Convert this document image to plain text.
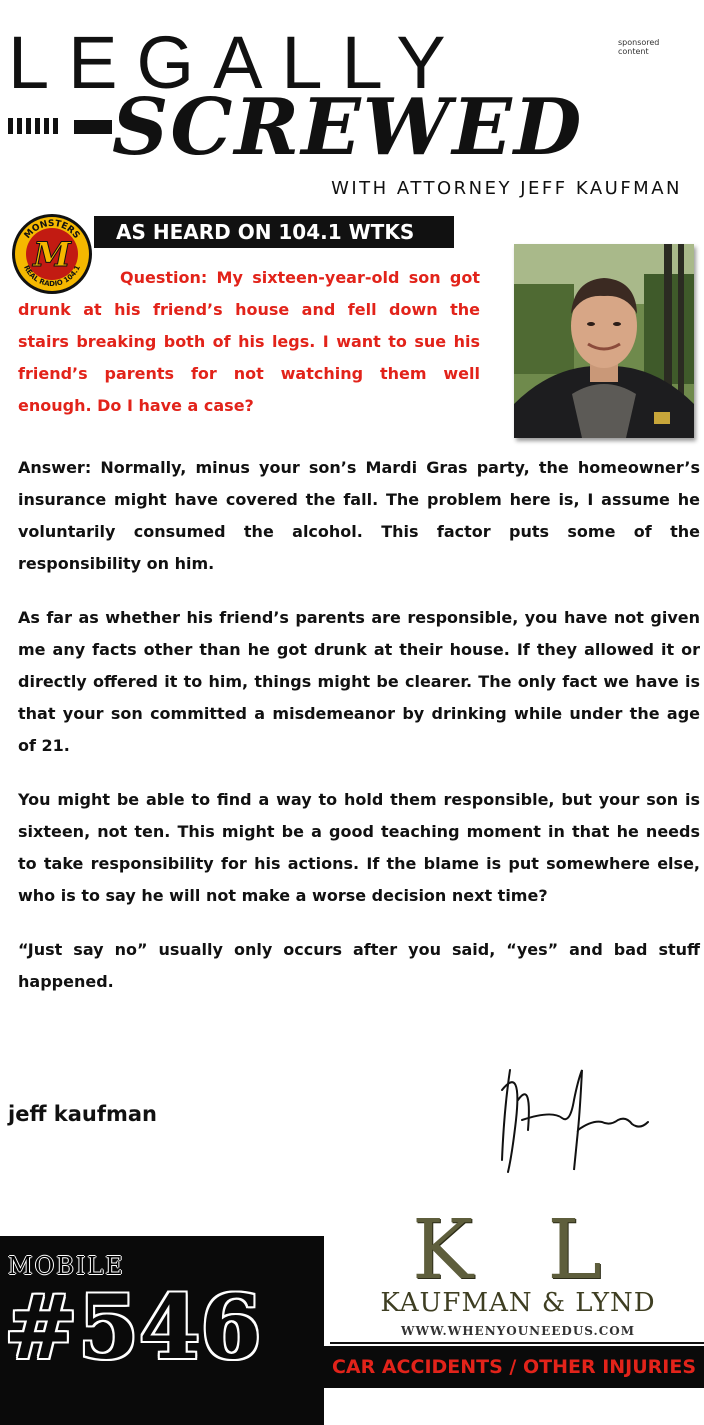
sponsored
content
LEGALLY
SCREWED
WITH ATTORNEY JEFF KAUFMAN
MONSTERS
REAL RADIO 104.1
M
AS HEARD ON 104.1 WTKS

Question: My sixteen-year-old son got drunk at his friend’s house and fell down the stairs breaking both of his legs. I want to sue his friend’s parents for not watching them well enough. Do I have a case?

Answer: Normally, minus your son’s Mardi Gras party, the homeowner’s insurance might have covered the fall. The problem here is, I assume he voluntarily consumed the alcohol. This factor puts some of the responsibility on him.

As far as whether his friend’s parents are responsible, you have not given me any facts other than he got drunk at their house. If they allowed it or directly offered it to him, things might be clearer. The only fact we have is that your son committed a misdemeanor by drinking while under the age of 21.

You might be able to find a way to hold them responsible, but your son is sixteen, not ten. This might be a good teaching moment in that he needs to take responsibility for his actions. If the blame is put somewhere else, who is to say he will not make a worse decision next time?

“Just say no” usually only occurs after you said, “yes” and bad stuff happened.

jeff kaufman
MOBILE
#546
K L
KAUFMAN & LYND
WWW.WHENYOUNEEDUS.COM
CAR ACCIDENTS / OTHER INJURIES
